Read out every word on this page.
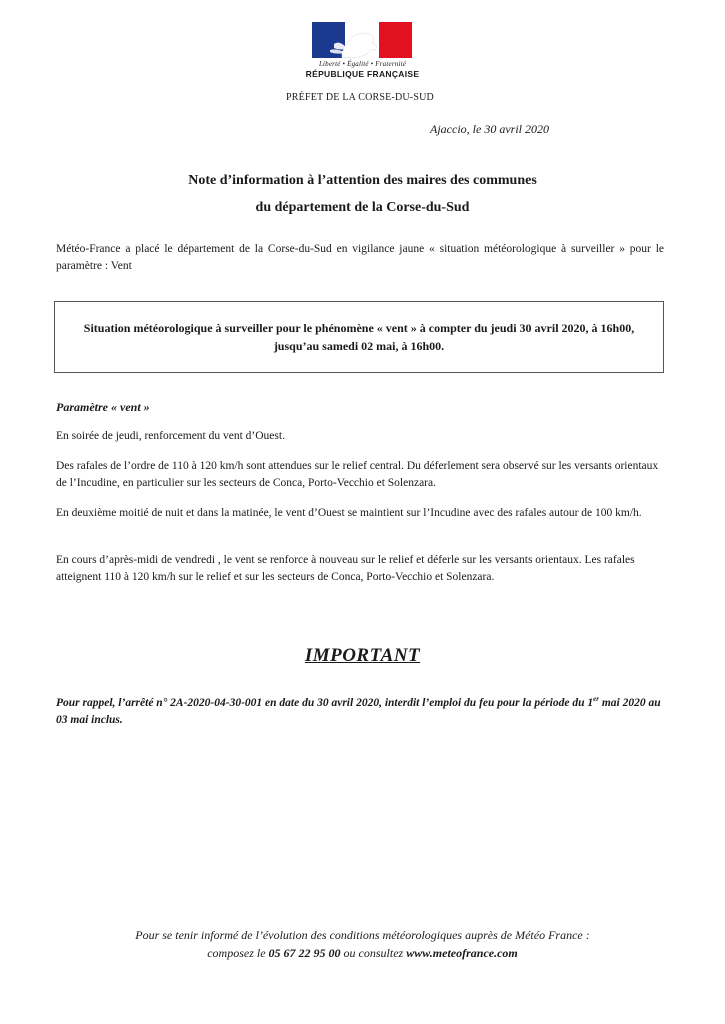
Liberté • Égalité • Fraternité
RÉPUBLIQUE FRANÇAISE
PRÉFET DE LA CORSE-DU-SUD
Ajaccio, le 30 avril 2020
Note d’information à l’attention des maires des communes
du département de la Corse-du-Sud
Météo-France a placé le département de la Corse-du-Sud en vigilance jaune « situation météorologique à surveiller » pour le paramètre : Vent
Situation météorologique à surveiller pour le phénomène « vent » à compter du jeudi 30 avril 2020, à 16h00, jusqu’au samedi 02 mai, à 16h00.
Paramètre « vent »
En soirée de jeudi, renforcement du vent d’Ouest.
Des rafales de l’ordre de 110 à 120 km/h sont attendues sur le relief central. Du déferlement sera observé sur les versants orientaux de l’Incudine, en particulier sur les secteurs de Conca, Porto-Vecchio et Solenzara.
En deuxième moitié de nuit et dans la matinée, le vent d’Ouest se maintient sur l’Incudine avec des rafales autour de 100 km/h.
En cours d’après-midi de vendredi , le vent se renforce à nouveau sur le relief et déferle sur les versants orientaux. Les rafales atteignent 110 à 120 km/h sur le relief et sur les secteurs de Conca, Porto-Vecchio et Solenzara.
IMPORTANT
Pour rappel, l’arrêté n° 2A-2020-04-30-001 en date du 30 avril 2020, interdit l’emploi du feu pour la période du 1er mai 2020 au 03 mai inclus.
Pour se tenir informé de l’évolution des conditions météorologiques auprès de Météo France :
composez le 05 67 22 95 00 ou consultez www.meteofrance.com
